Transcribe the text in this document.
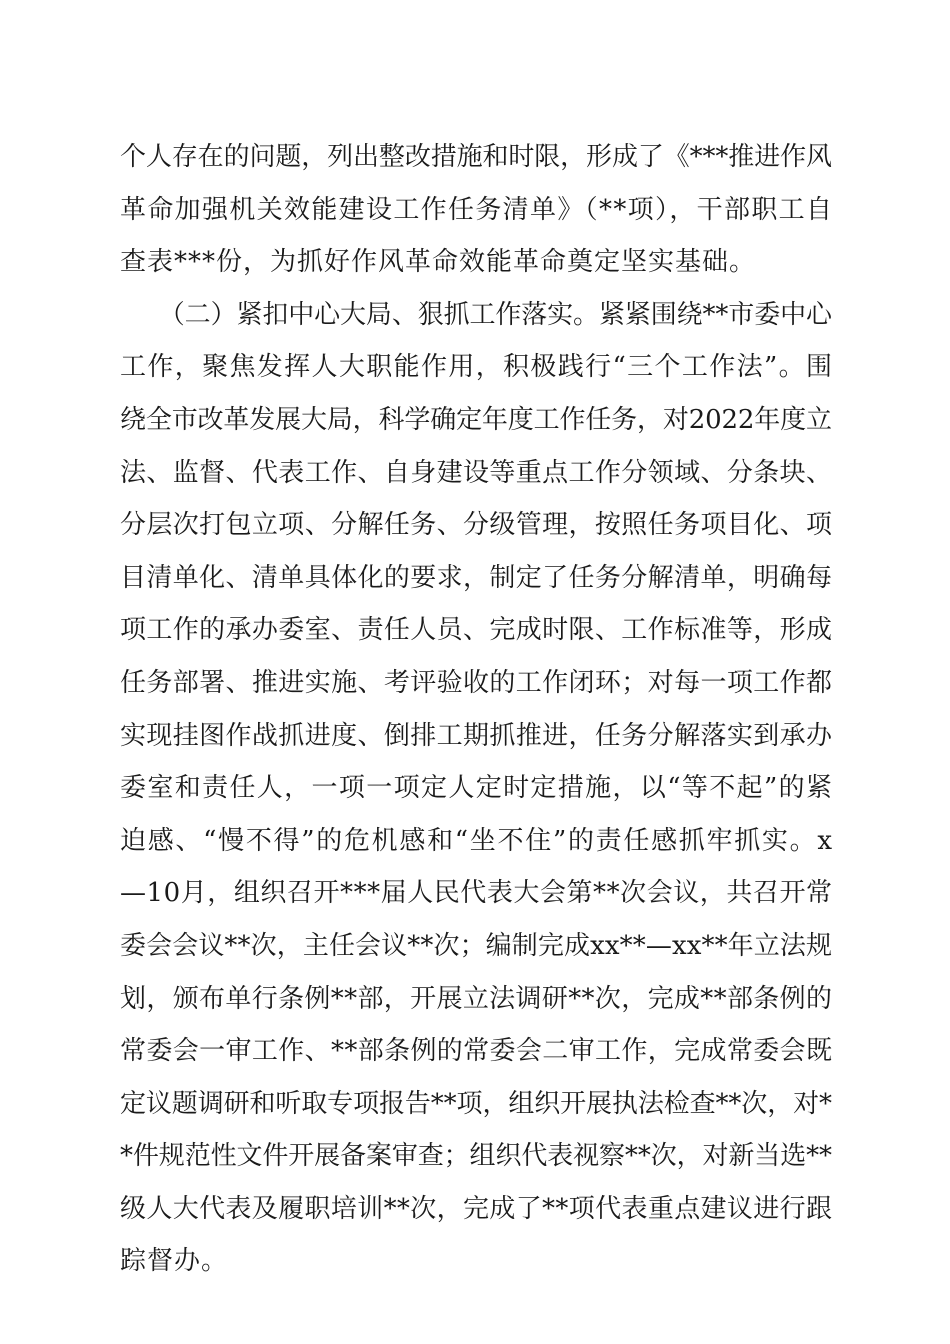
个人存在的问题，列出整改措施和时限，形成了《***推进作风
革命加强机关效能建设工作任务清单》（**项），干部职工自
查表***份，为抓好作风革命效能革命奠定坚实基础。
　　（二）紧扣中心大局、狠抓工作落实。紧紧围绕**市委中心
工作，聚焦发挥人大职能作用，积极践行“三个工作法”。围
绕全市改革发展大局，科学确定年度工作任务，对2022年度立
法、监督、代表工作、自身建设等重点工作分领域、分条块、
分层次打包立项、分解任务、分级管理，按照任务项目化、项
目清单化、清单具体化的要求，制定了任务分解清单，明确每
项工作的承办委室、责任人员、完成时限、工作标准等，形成
任务部署、推进实施、考评验收的工作闭环；对每一项工作都
实现挂图作战抓进度、倒排工期抓推进，任务分解落实到承办
委室和责任人，一项一项定人定时定措施，以“等不起”的紧
迫感、“慢不得”的危机感和“坐不住”的责任感抓牢抓实。x
—10月，组织召开***届人民代表大会第**次会议，共召开常
委会会议**次，主任会议**次；编制完成xx**—xx**年立法规
划，颁布单行条例**部，开展立法调研**次，完成**部条例的
常委会一审工作、**部条例的常委会二审工作，完成常委会既
定议题调研和听取专项报告**项，组织开展执法检查**次，对*
*件规范性文件开展备案审查；组织代表视察**次，对新当选**
级人大代表及履职培训**次，完成了**项代表重点建议进行跟
踪督办。
